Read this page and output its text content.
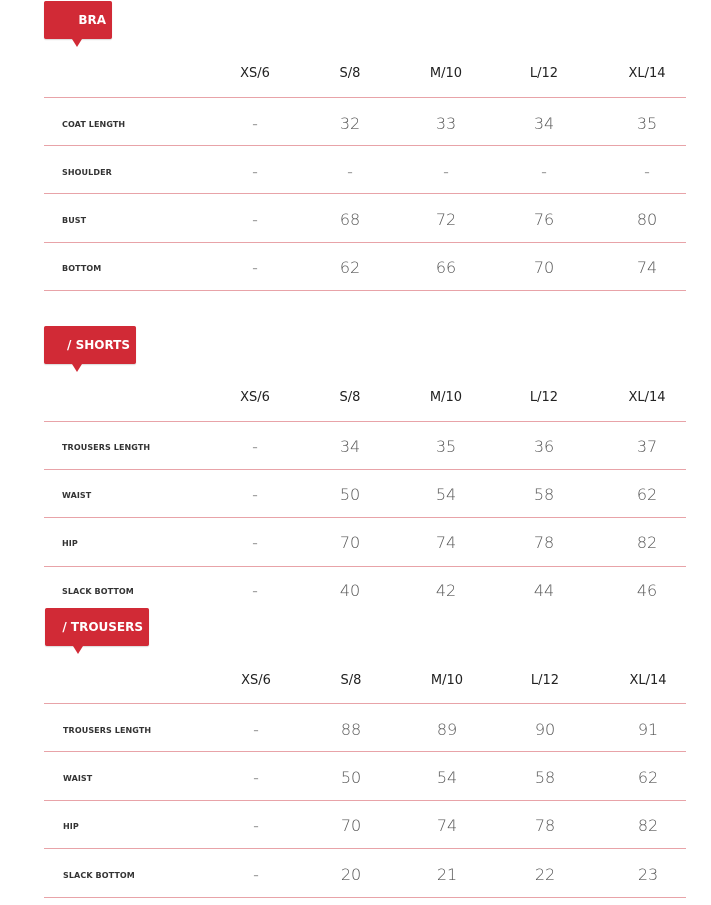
BRA
XS/6	S/8	M/10	L/12	XL/14
COAT LENGTH	-	32	33	34	35
SHOULDER	-	-	-	-	-
BUST	-	68	72	76	80
BOTTOM	-	62	66	70	74
/ SHORTS
XS/6	S/8	M/10	L/12	XL/14
TROUSERS LENGTH	-	34	35	36	37
WAIST	-	50	54	58	62
HIP	-	70	74	78	82
SLACK BOTTOM	-	40	42	44	46
/ TROUSERS
XS/6	S/8	M/10	L/12	XL/14
TROUSERS LENGTH	-	88	89	90	91
WAIST	-	50	54	58	62
HIP	-	70	74	78	82
SLACK BOTTOM	-	20	21	22	23
